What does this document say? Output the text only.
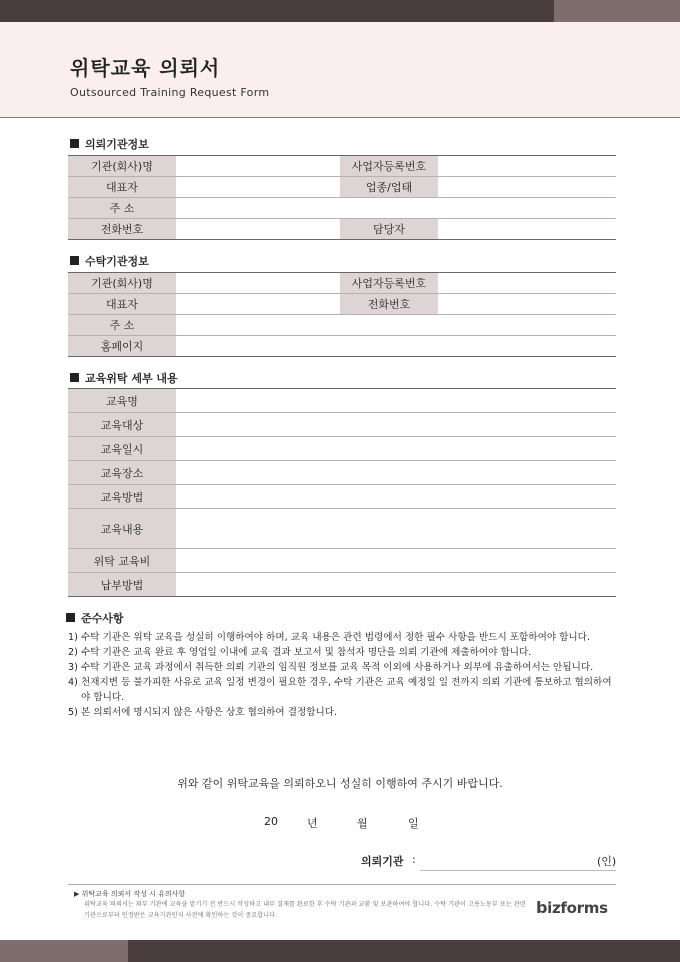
위탁교육 의뢰서
Outsourced Training Request Form
의뢰기관정보
기관(회사)명		사업자등록번호	
대표자		업종/업태	
주 소			
전화번호		담당자	
수탁기관정보
기관(회사)명		사업자등록번호	
대표자		전화번호	
주 소			
홈페이지			
교육위탁 세부 내용
교육명	
교육대상	
교육일시	
교육장소	
교육방법	
교육내용	
위탁 교육비	
납부방법	
준수사항
1) 수탁 기관은 위탁 교육을 성실히 이행하여야 하며, 교육 내용은 관련 법령에서 정한 필수 사항을 반드시 포함하여야 합니다.
2) 수탁 기관은 교육 완료 후 영업일 이내에 교육 결과 보고서 및 참석자 명단을 의뢰 기관에 제출하여야 합니다.
3) 수탁 기관은 교육 과정에서 취득한 의뢰 기관의 임직원 정보를 교육 목적 이외에 사용하거나 외부에 유출하여서는 안됩니다.
4) 천재지변 등 불가피한 사유로 교육 일정 변경이 필요한 경우, 수탁 기관은 교육 예정일 일 전까지 의뢰 기관에 통보하고 협의하여야 합니다.
5) 본 의뢰서에 명시되지 않은 사항은 상호 협의하여 결정합니다.
위와 같이 위탁교육을 의뢰하오니 성실히 이행하여 주시기 바랍니다.
20	년	월	일
의뢰기관 :	(인)
▶ 위탁교육 의뢰서 작성 시 유의사항
위탁교육 의뢰서는 외부 기관에 교육을 맡기기 전 반드시 작성하고 내부 결재를 완료한 후 수탁 기관과 교환 및 보관하여야 합니다. 수탁 기관이 고용노동부 또는 관련 기관으로부터 인정받은 교육기관인지 사전에 확인하는 것이 중요합니다.	bizforms
